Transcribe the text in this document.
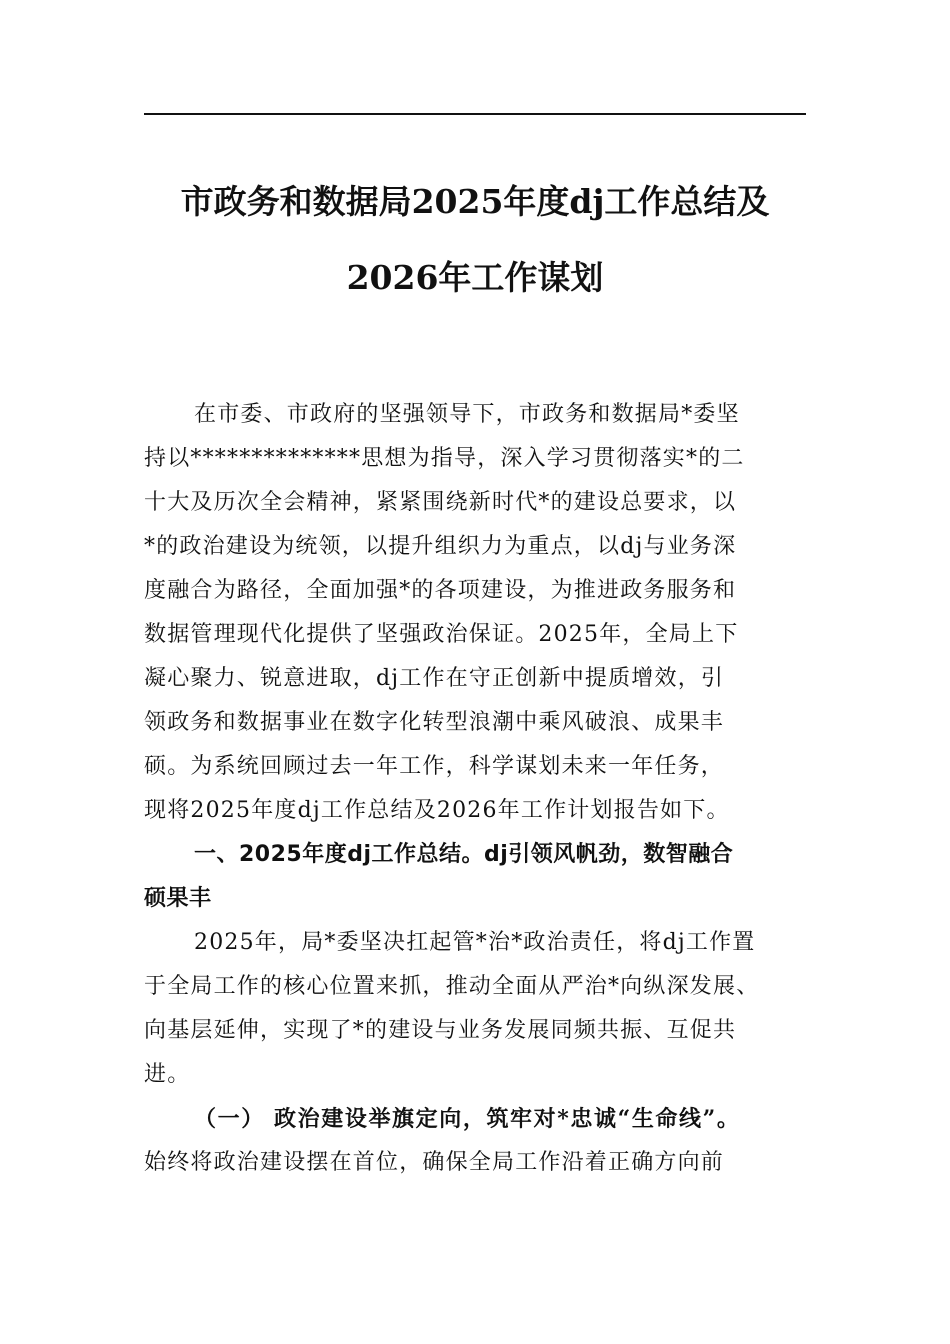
市政务和数据局2025年度dj工作总结及
2026年工作谋划
在市委、市政府的坚强领导下，市政务和数据局*委坚
持以**************思想为指导，深入学习贯彻落实*的二
十大及历次全会精神，紧紧围绕新时代*的建设总要求，以
*的政治建设为统领，以提升组织力为重点，以dj与业务深
度融合为路径，全面加强*的各项建设，为推进政务服务和
数据管理现代化提供了坚强政治保证。2025年，全局上下
凝心聚力、锐意进取，dj工作在守正创新中提质增效，引
领政务和数据事业在数字化转型浪潮中乘风破浪、成果丰
硕。为系统回顾过去一年工作，科学谋划未来一年任务，
现将2025年度dj工作总结及2026年工作计划报告如下。
一、2025年度dj工作总结。dj引领风帆劲，数智融合
硕果丰
2025年，局*委坚决扛起管*治*政治责任，将dj工作置
于全局工作的核心位置来抓，推动全面从严治*向纵深发展、
向基层延伸，实现了*的建设与业务发展同频共振、互促共
进。
（一） 政治建设举旗定向，筑牢对*忠诚“生命线”。
始终将政治建设摆在首位，确保全局工作沿着正确方向前
